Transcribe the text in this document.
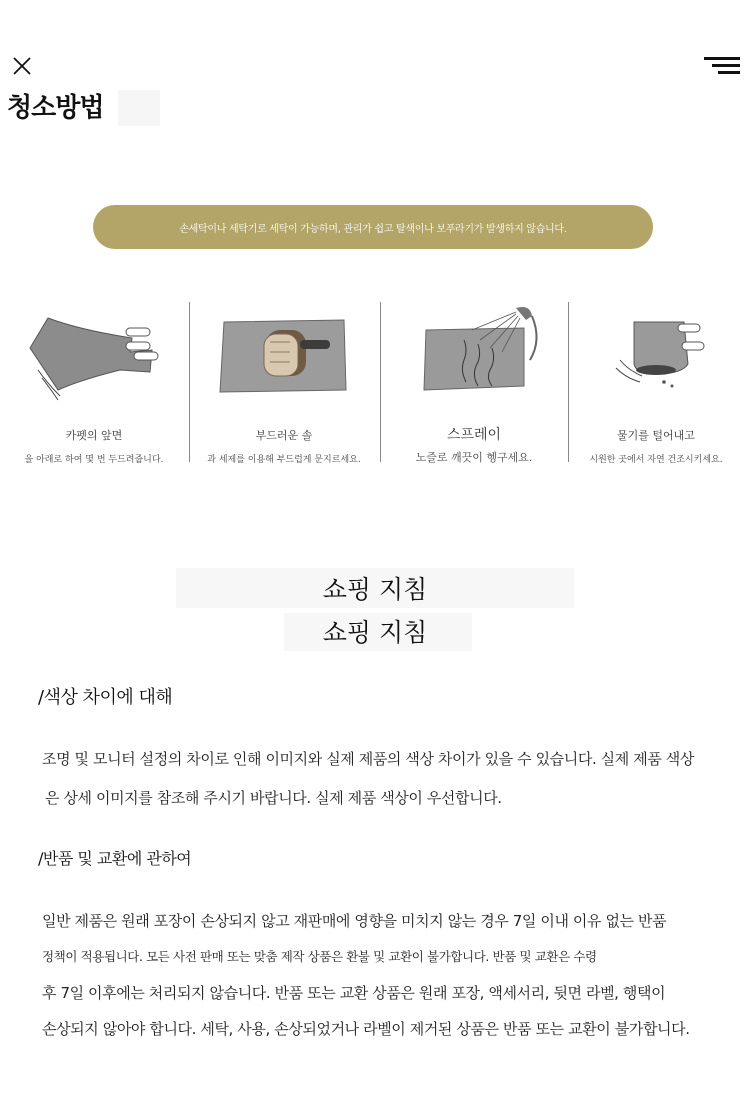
청소방법
손세탁이나 세탁기로 세탁이 가능하며, 관리가 쉽고 탈색이나 보푸라기가 발생하지 않습니다.
카펫의 앞면
을 아래로 하여 몇 번 두드려줍니다.
부드러운 솔
과 세제를 이용해 부드럽게 문지르세요.
스프레이
노즐로 깨끗이 헹구세요.
물기를 털어내고
시원한 곳에서 자연 건조시키세요.
쇼핑 지침
쇼핑 지침
/색상 차이에 대해
조명 및 모니터 설정의 차이로 인해 이미지와 실제 제품의 색상 차이가 있을 수 있습니다. 실제 제품 색상
은 상세 이미지를 참조해 주시기 바랍니다. 실제 제품 색상이 우선합니다.
/반품 및 교환에 관하여
일반 제품은 원래 포장이 손상되지 않고 재판매에 영향을 미치지 않는 경우 7일 이내 이유 없는 반품
정책이 적용됩니다. 모든 사전 판매 또는 맞춤 제작 상품은 환불 및 교환이 불가합니다. 반품 및 교환은 수령
후 7일 이후에는 처리되지 않습니다. 반품 또는 교환 상품은 원래 포장, 액세서리, 뒷면 라벨, 행택이
손상되지 않아야 합니다. 세탁, 사용, 손상되었거나 라벨이 제거된 상품은 반품 또는 교환이 불가합니다.
